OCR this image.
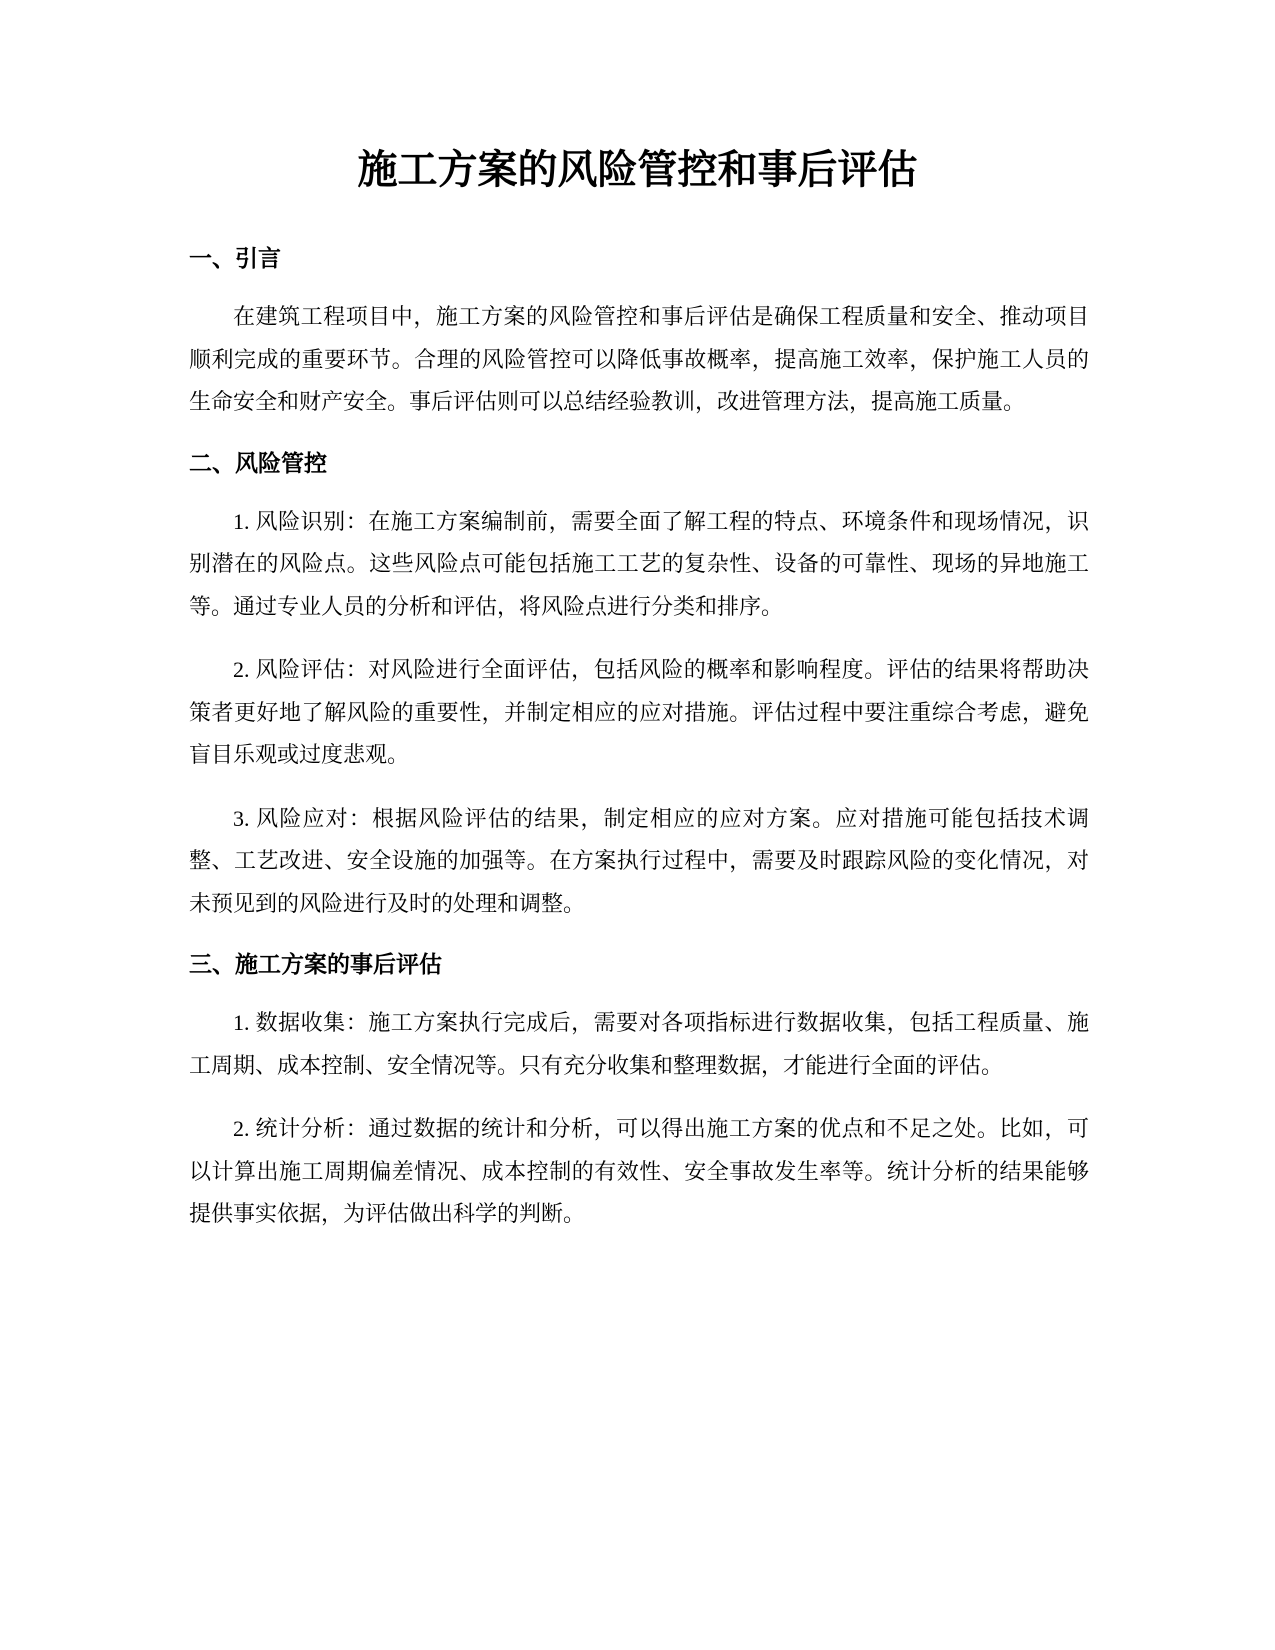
施工方案的风险管控和事后评估
一、引言

在建筑工程项目中，施工方案的风险管控和事后评估是确保工程质量和安全、推动项目顺利完成的重要环节。合理的风险管控可以降低事故概率，提高施工效率，保护施工人员的生命安全和财产安全。事后评估则可以总结经验教训，改进管理方法，提高施工质量。

二、风险管控

1. 风险识别：在施工方案编制前，需要全面了解工程的特点、环境条件和现场情况，识别潜在的风险点。这些风险点可能包括施工工艺的复杂性、设备的可靠性、现场的异地施工等。通过专业人员的分析和评估，将风险点进行分类和排序。

2. 风险评估：对风险进行全面评估，包括风险的概率和影响程度。评估的结果将帮助决策者更好地了解风险的重要性，并制定相应的应对措施。评估过程中要注重综合考虑，避免盲目乐观或过度悲观。

3. 风险应对：根据风险评估的结果，制定相应的应对方案。应对措施可能包括技术调整、工艺改进、安全设施的加强等。在方案执行过程中，需要及时跟踪风险的变化情况，对未预见到的风险进行及时的处理和调整。

三、施工方案的事后评估

1. 数据收集：施工方案执行完成后，需要对各项指标进行数据收集，包括工程质量、施工周期、成本控制、安全情况等。只有充分收集和整理数据，才能进行全面的评估。

2. 统计分析：通过数据的统计和分析，可以得出施工方案的优点和不足之处。比如，可以计算出施工周期偏差情况、成本控制的有效性、安全事故发生率等。统计分析的结果能够提供事实依据，为评估做出科学的判断。
